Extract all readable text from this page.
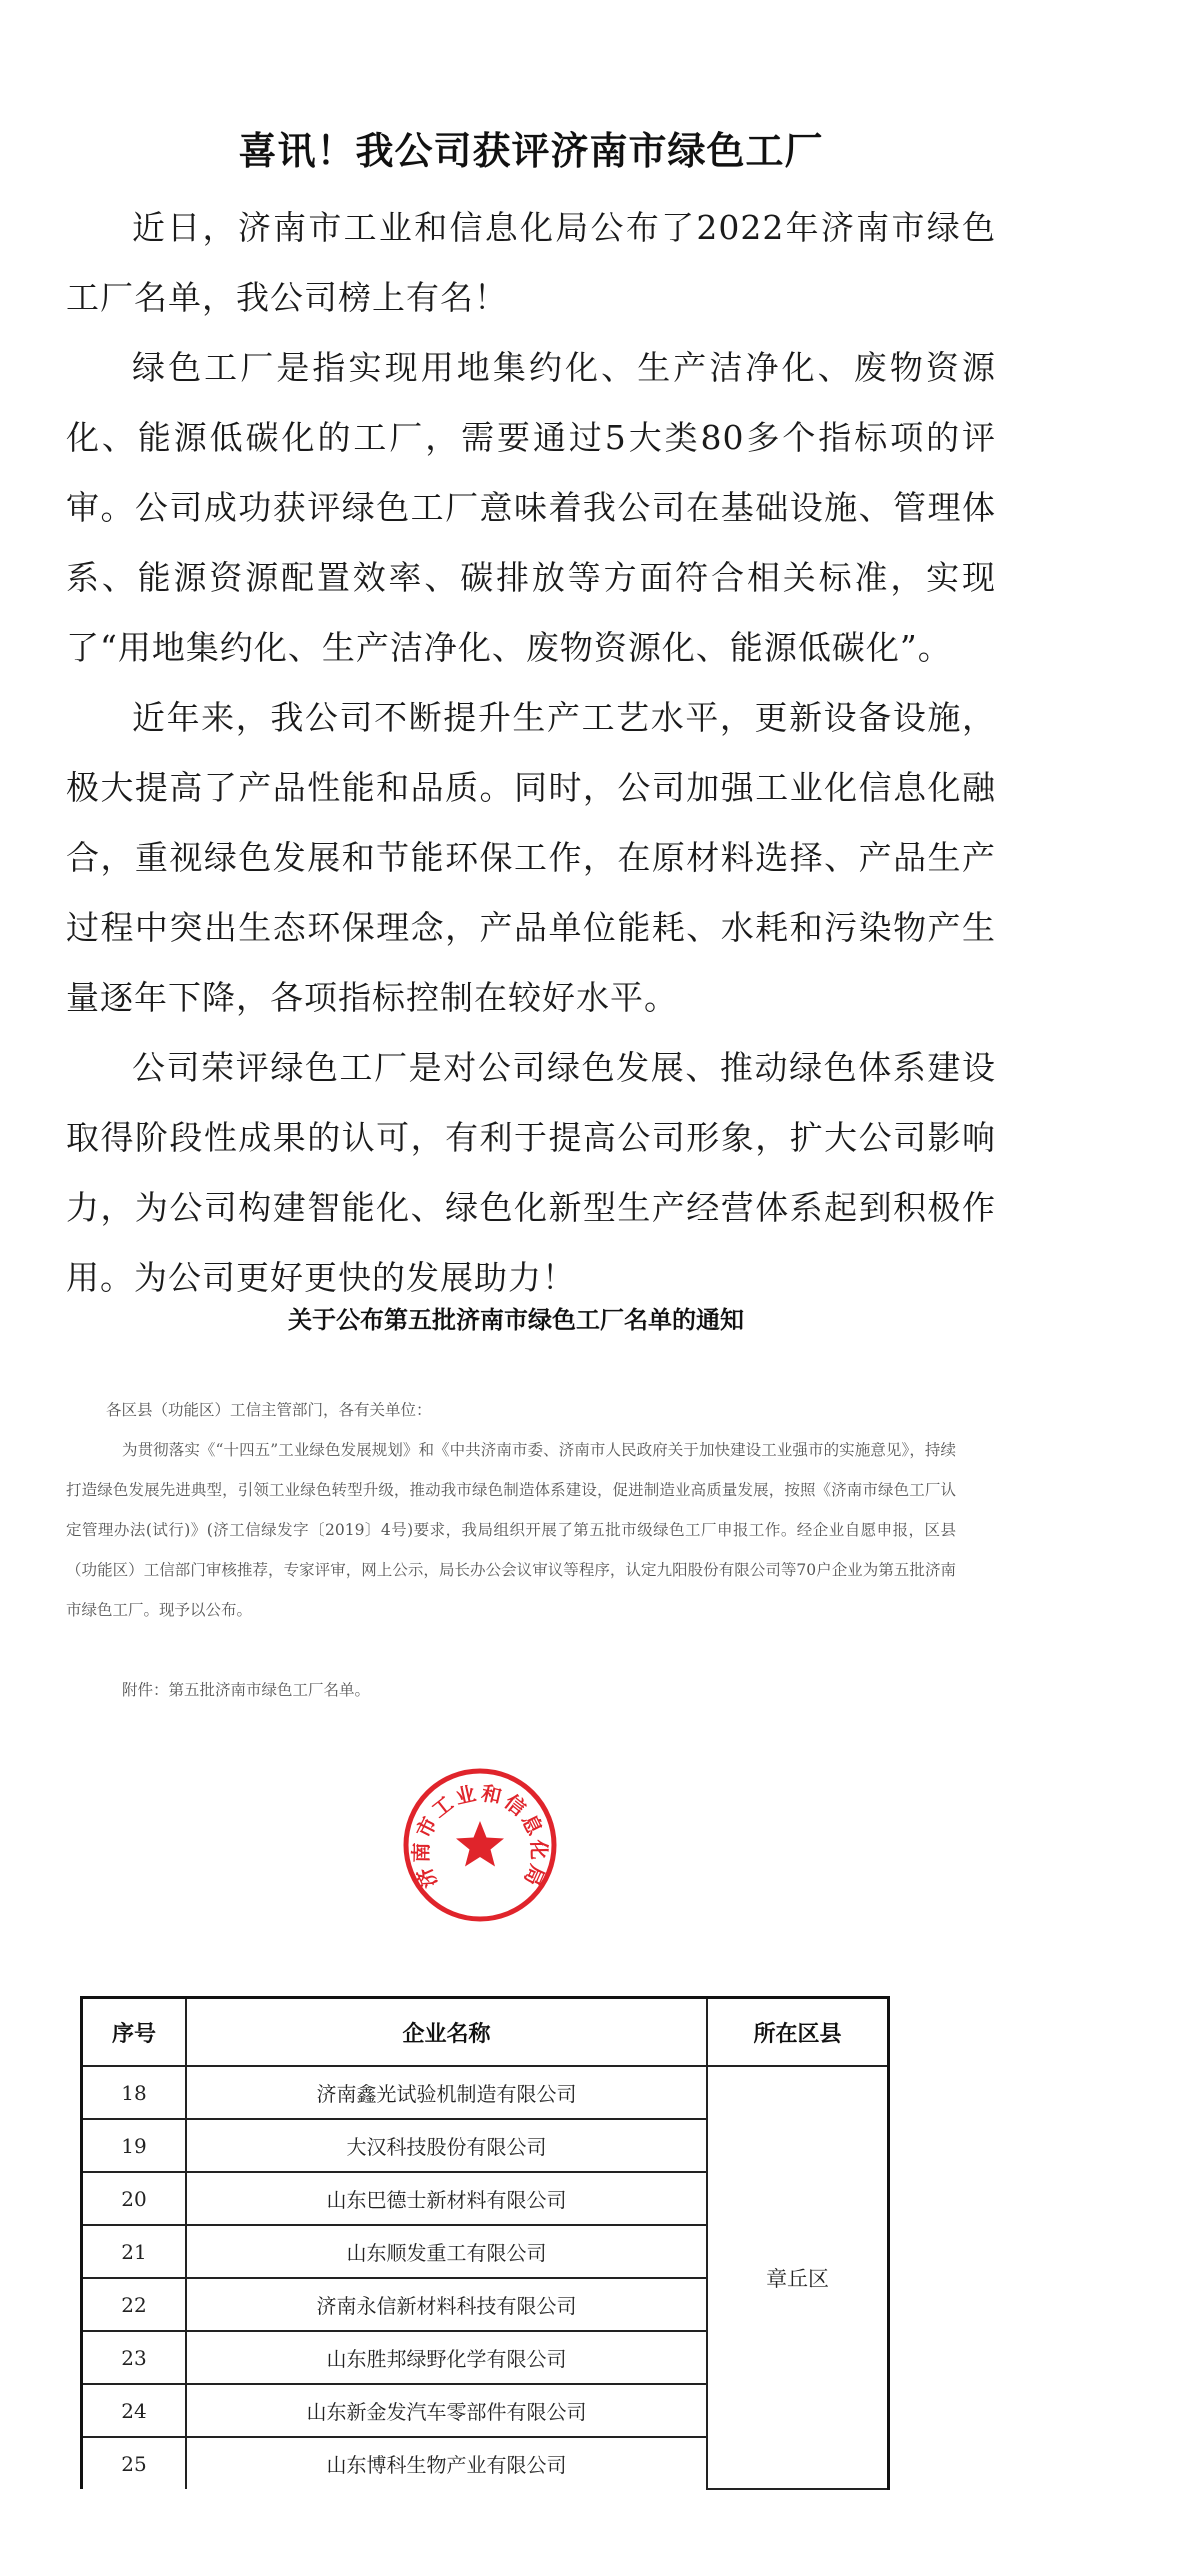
喜讯！我公司获评济南市绿色工厂

近日，济南市工业和信息化局公布了2022年济南市绿色工厂名单，我公司榜上有名！

绿色工厂是指实现用地集约化、生产洁净化、废物资源化、能源低碳化的工厂，需要通过5大类80多个指标项的评审。公司成功获评绿色工厂意味着我公司在基础设施、管理体系、能源资源配置效率、碳排放等方面符合相关标准，实现了“用地集约化、生产洁净化、废物资源化、能源低碳化”。

近年来，我公司不断提升生产工艺水平，更新设备设施，极大提高了产品性能和品质。同时，公司加强工业化信息化融合，重视绿色发展和节能环保工作，在原材料选择、产品生产过程中突出生态环保理念，产品单位能耗、水耗和污染物产生量逐年下降，各项指标控制在较好水平。

公司荣评绿色工厂是对公司绿色发展、推动绿色体系建设取得阶段性成果的认可，有利于提高公司形象，扩大公司影响力，为公司构建智能化、绿色化新型生产经营体系起到积极作用。为公司更好更快的发展助力！

关于公布第五批济南市绿色工厂名单的通知

各区县（功能区）工信主管部门，各有关单位：

为贯彻落实《“十四五”工业绿色发展规划》和《中共济南市委、济南市人民政府关于加快建设工业强市的实施意见》，持续打造绿色发展先进典型，引领工业绿色转型升级，推动我市绿色制造体系建设，促进制造业高质量发展，按照《济南市绿色工厂认定管理办法(试行)》(济工信绿发字〔2019〕4号)要求，我局组织开展了第五批市级绿色工厂申报工作。经企业自愿申报，区县（功能区）工信部门审核推荐，专家评审，网上公示，局长办公会议审议等程序，认定九阳股份有限公司等70户企业为第五批济南市绿色工厂。现予以公布。

附件：第五批济南市绿色工厂名单。

济南市工业和信息化局
序号	企业名称	所在区县
18	济南鑫光试验机制造有限公司	章丘区
19	大汉科技股份有限公司	
20	山东巴德士新材料有限公司	
21	山东顺发重工有限公司	
22	济南永信新材料科技有限公司	
23	山东胜邦绿野化学有限公司	
24	山东新金发汽车零部件有限公司	
25	山东博科生物产业有限公司	
